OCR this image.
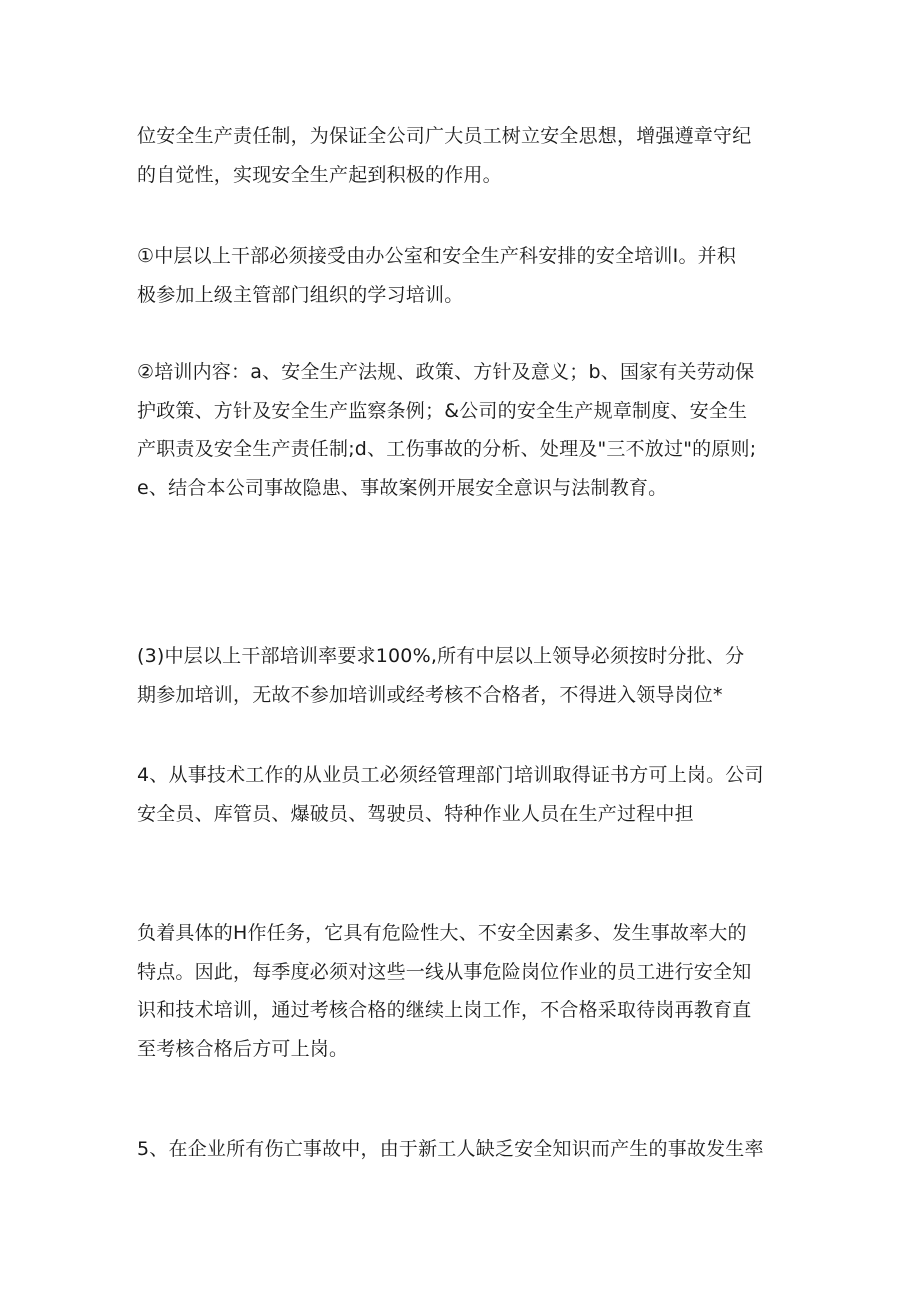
位安全生产责任制，为保证全公司广大员工树立安全思想，增强遵章守纪
的自觉性，实现安全生产起到积极的作用。

①中层以上干部必须接受由办公室和安全生产科安排的安全培训Ⅰ。并积
极参加上级主管部门组织的学习培训。

②培训内容：a、安全生产法规、政策、方针及意义；b、国家有关劳动保
护政策、方针及安全生产监察条例；&公司的安全生产规章制度、安全生
产职责及安全生产责任制;d、工伤事故的分析、处理及"三不放过"的原则;
e、结合本公司事故隐患、事故案例开展安全意识与法制教育。

(3)中层以上干部培训率要求100%,所有中层以上领导必须按时分批、分
期参加培训，无故不参加培训或经考核不合格者，不得进入领导岗位*

4、从事技术工作的从业员工必须经管理部门培训取得证书方可上岗。公司
安全员、库管员、爆破员、驾驶员、特种作业人员在生产过程中担

负着具体的H作任务，它具有危险性大、不安全因素多、发生事故率大的
特点。因此，每季度必须对这些一线从事危险岗位作业的员工进行安全知
识和技术培训，通过考核合格的继续上岗工作，不合格采取待岗再教育直
至考核合格后方可上岗。

5、在企业所有伤亡事故中，由于新工人缺乏安全知识而产生的事故发生率
